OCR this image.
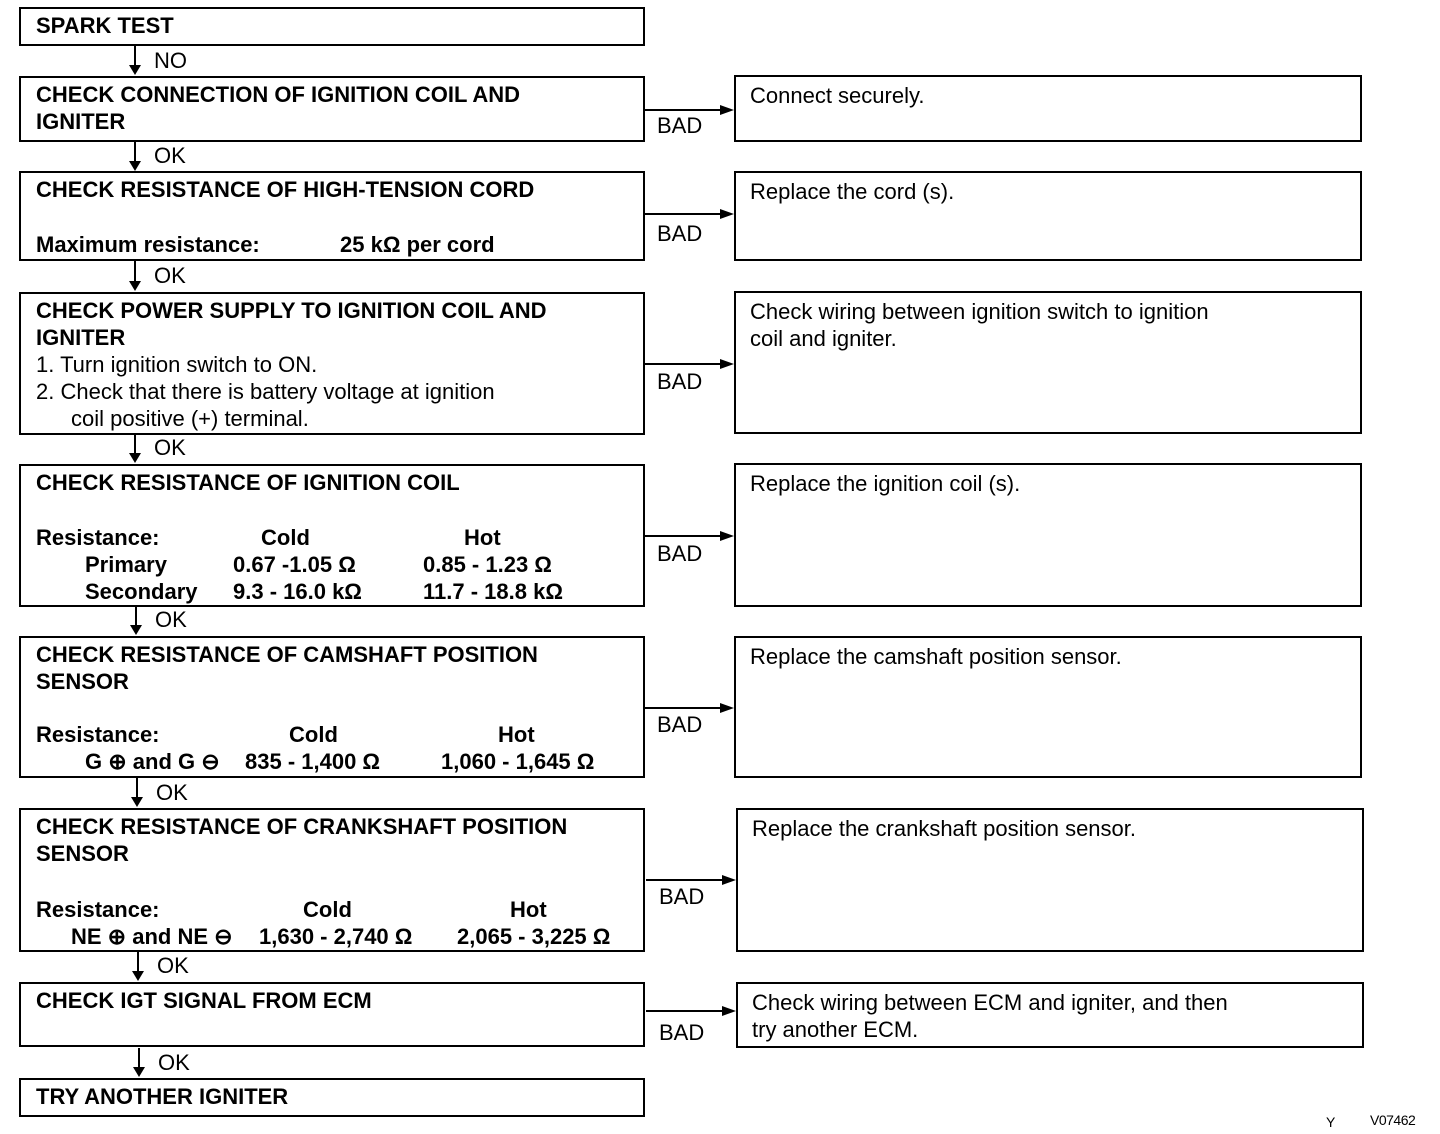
SPARK TEST
CHECK CONNECTION OF IGNITION COIL AND
IGNITER
CHECK RESISTANCE OF HIGH-TENSION CORD
Maximum resistance:	25 kΩ per cord
CHECK POWER SUPPLY TO IGNITION COIL AND
IGNITER
1. Turn ignition switch to ON.
2. Check that there is battery voltage at ignition
coil positive (+) terminal.
CHECK RESISTANCE OF IGNITION COIL
Resistance:	Cold	Hot
Primary	0.67 -1.05 Ω	0.85 - 1.23 Ω
Secondary 9.3 - 16.0 kΩ	11.7 - 18.8 kΩ
CHECK RESISTANCE OF CAMSHAFT POSITION
SENSOR
Resistance:	Cold	Hot
G ⊕ and G ⊖ 835 - 1,400 Ω	1,060 - 1,645 Ω
CHECK RESISTANCE OF CRANKSHAFT POSITION
SENSOR
Resistance:	Cold	Hot
NE ⊕ and NE ⊖ 1,630 - 2,740 Ω 2,065 - 3,225 Ω
CHECK IGT SIGNAL FROM ECM
TRY ANOTHER IGNITER
Connect securely.
Replace the cord (s).
Check wiring between ignition switch to ignition
coil and igniter.
Replace the ignition coil (s).
Replace the camshaft position sensor.
Replace the crankshaft position sensor.
Check wiring between ECM and igniter, and then
try another ECM.
NO
OK
OK
OK
OK
OK
OK
OK
BAD
BAD
BAD
BAD
BAD
BAD
BAD
Y	V07462
